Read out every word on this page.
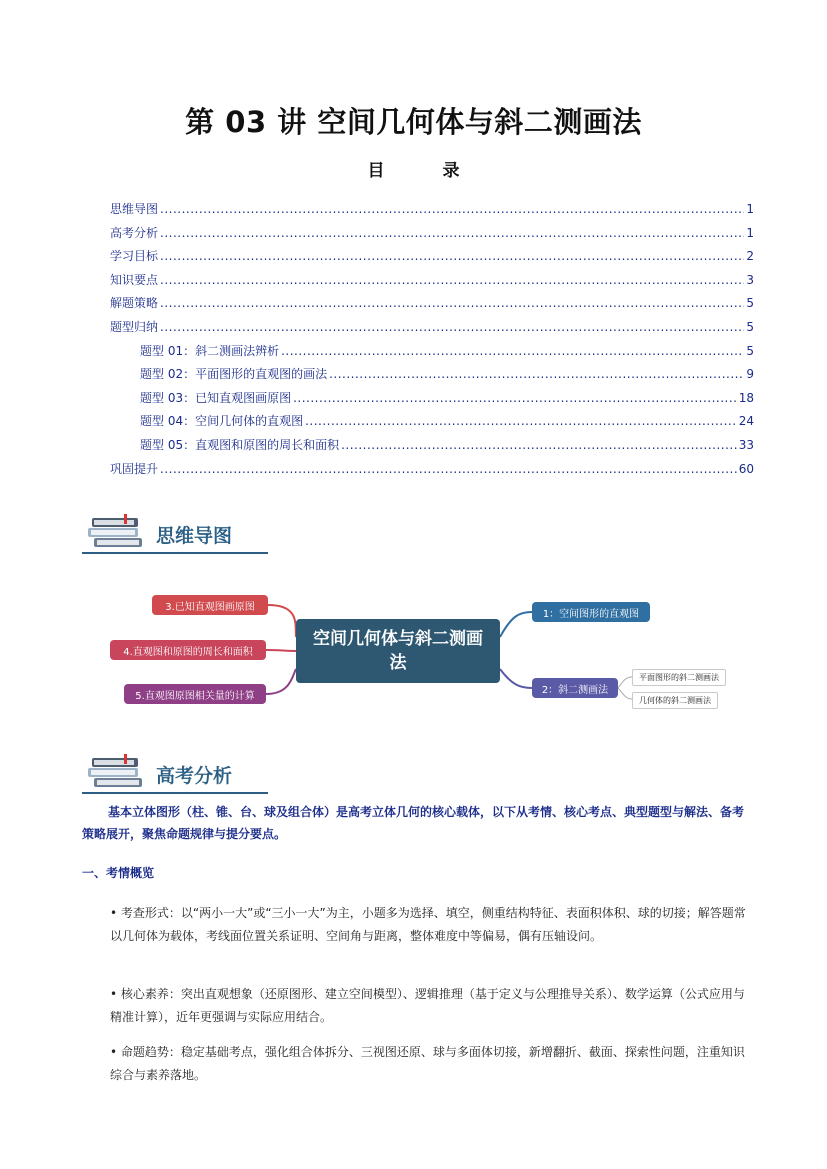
第 03 讲 空间几何体与斜二测画法
目 录
思维导图 .....	1
高考分析 .....	1
学习目标 .....	2
知识要点 .....	3
解题策略 .....	5
题型归纳 .....	5
题型 01：斜二测画法辨析 .....	5
题型 02：平面图形的直观图的画法 .....	9
题型 03：已知直观图画原图 .....	18
题型 04：空间几何体的直观图 .....	24
题型 05：直观图和原图的周长和面积 .....	33
巩固提升 .....	60
思维导图
3.已知直观图画原图
4.直观图和原图的周长和面积
5.直观图原图相关量的计算
空间几何体与斜二测画法
1：空间图形的直观图
2：斜二测画法
平面图形的斜二测画法
几何体的斜二测画法
高考分析
基本立体图形（柱、锥、台、球及组合体）是高考立体几何的核心载体，以下从考情、核心考点、典型题型与解法、备考策略展开，聚焦命题规律与提分要点。
一、考情概览
• 考查形式：以“两小一大”或“三小一大”为主，小题多为选择、填空，侧重结构特征、表面积体积、球的切接；解答题常以几何体为载体，考线面位置关系证明、空间角与距离，整体难度中等偏易，偶有压轴设问。
• 核心素养：突出直观想象（还原图形、建立空间模型）、逻辑推理（基于定义与公理推导关系）、数学运算（公式应用与精准计算），近年更强调与实际应用结合。
• 命题趋势：稳定基础考点，强化组合体拆分、三视图还原、球与多面体切接，新增翻折、截面、探索性问题，注重知识综合与素养落地。
